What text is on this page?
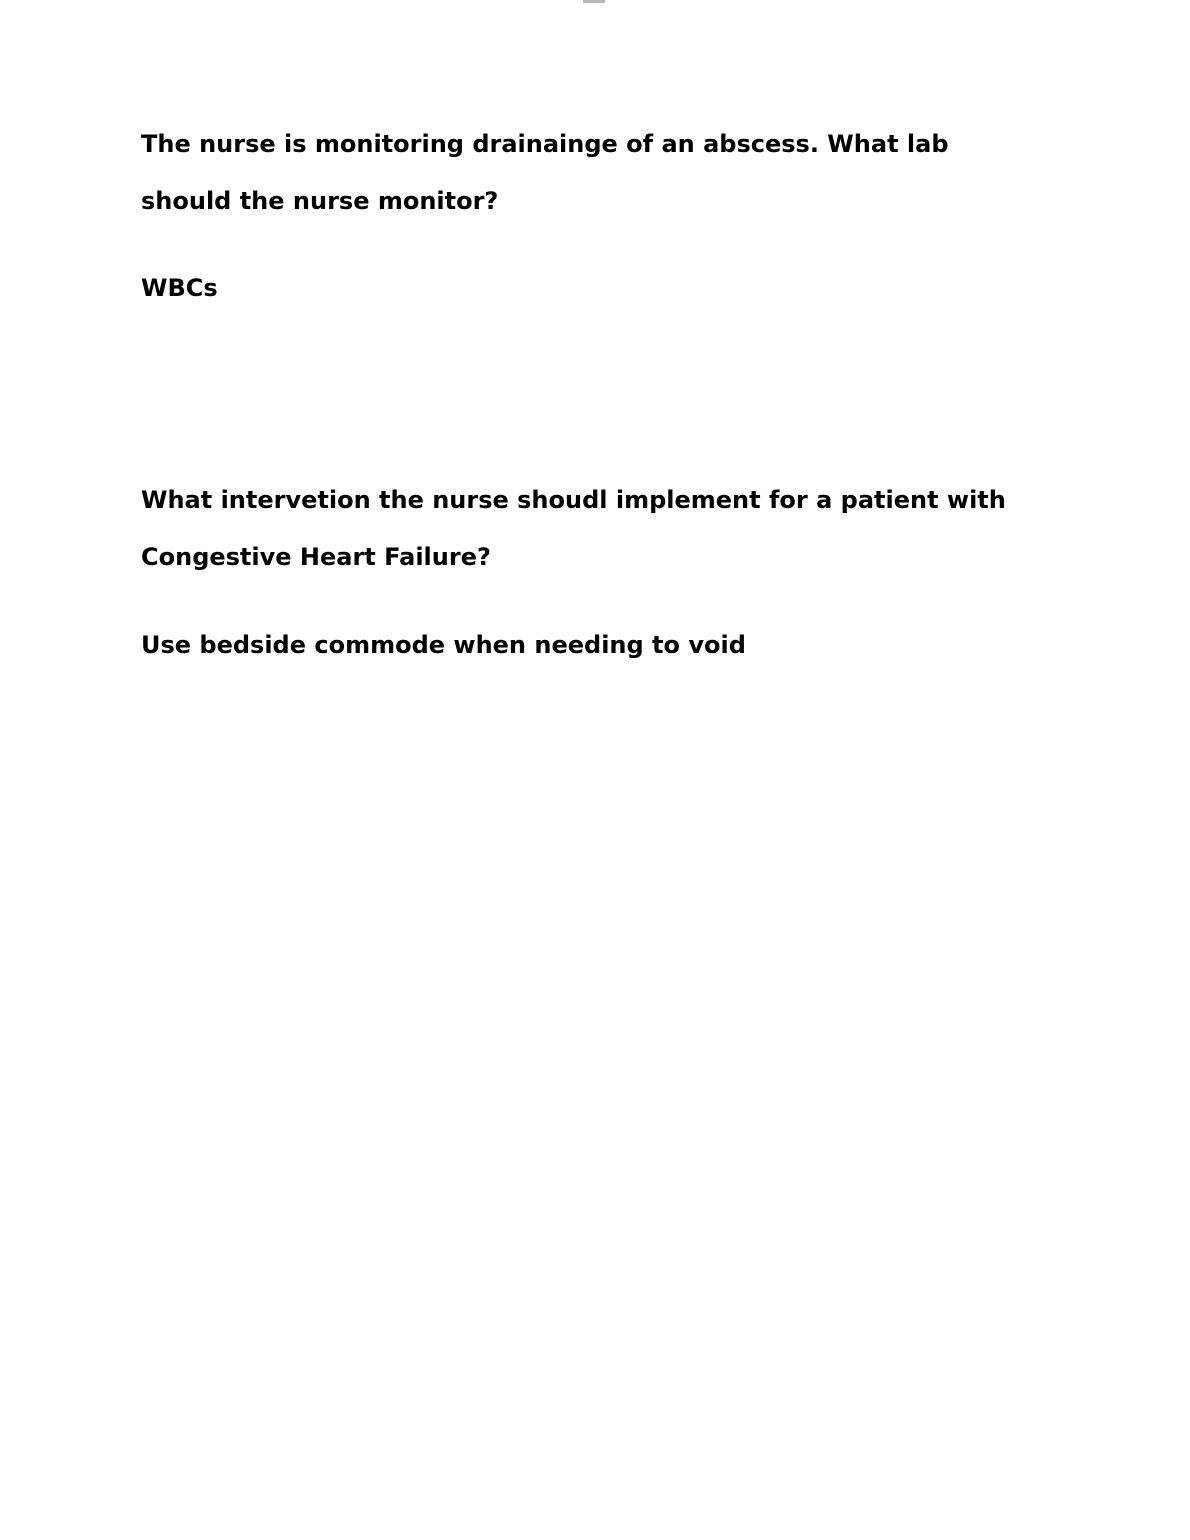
The nurse is monitoring drainainge of an abscess. What lab should the nurse monitor?

WBCs

What intervetion the nurse shoudl implement for a patient with Congestive Heart Failure?

Use bedside commode when needing to void
